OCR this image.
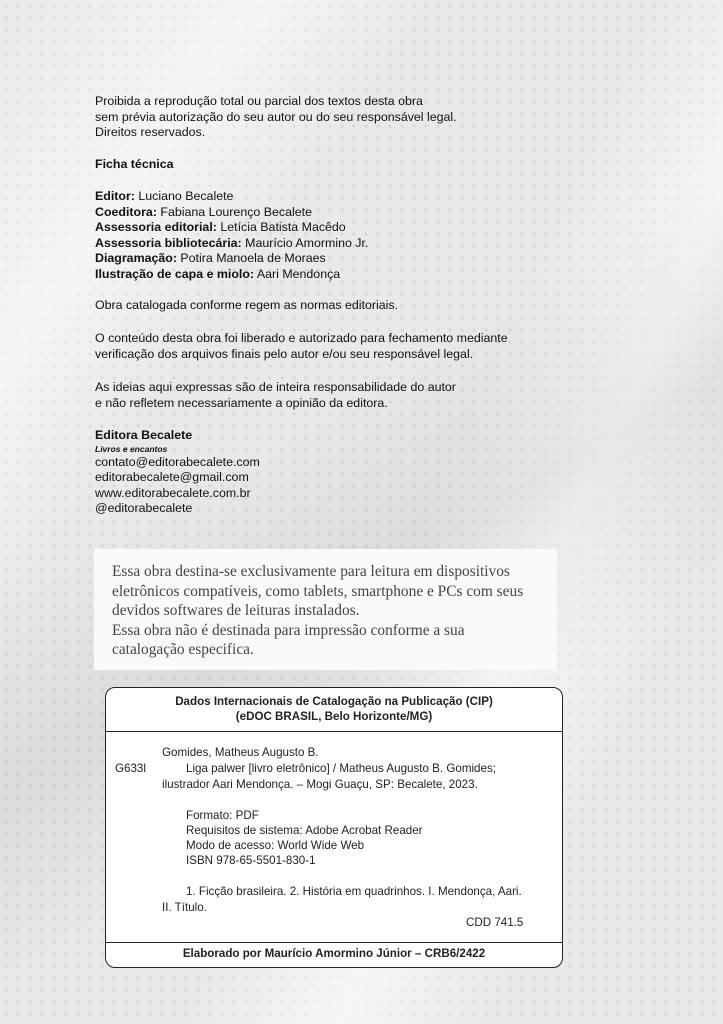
Proibida a reprodução total ou parcial dos textos desta obra
sem prévia autorização do seu autor ou do seu responsável legal.
Direitos reservados.
Ficha técnica
Editor: Luciano Becalete
Coeditora: Fabiana Lourenço Becalete
Assessoria editorial: Letícia Batista Macêdo
Assessoria bibliotecária: Maurício Amormino Jr.
Diagramação: Potira Manoela de Moraes
Ilustração de capa e miolo: Aari Mendonça
Obra catalogada conforme regem as normas editoriais.
O conteúdo desta obra foi liberado e autorizado para fechamento mediante
verificação dos arquivos finais pelo autor e/ou seu responsável legal.
As ideias aqui expressas são de inteira responsabilidade do autor
e não refletem necessariamente a opinião da editora.
Editora Becalete
Livros e encantos
contato@editorabecalete.com
editorabecalete@gmail.com
www.editorabecalete.com.br
@editorabecalete
Essa obra destina-se exclusivamente para leitura em dispositivos
eletrônicos compatíveis, como tablets, smartphone e PCs com seus
devidos softwares de leituras instalados.
Essa obra não é destinada para impressão conforme a sua
catalogação especifica.
Dados Internacionais de Catalogação na Publicação (CIP)
(eDOC BRASIL, Belo Horizonte/MG)
Gomides, Matheus Augusto B.
G633l	Liga palwer [livro eletrônico] / Matheus Augusto B. Gomides;
ilustrador Aari Mendonça. – Mogi Guaçu, SP: Becalete, 2023.
Formato: PDF
Requisitos de sistema: Adobe Acrobat Reader
Modo de acesso: World Wide Web
ISBN 978-65-5501-830-1
1. Ficção brasileira. 2. História em quadrinhos. I. Mendonça, Aari.
II. Título.
CDD 741.5
Elaborado por Maurício Amormino Júnior – CRB6/2422
